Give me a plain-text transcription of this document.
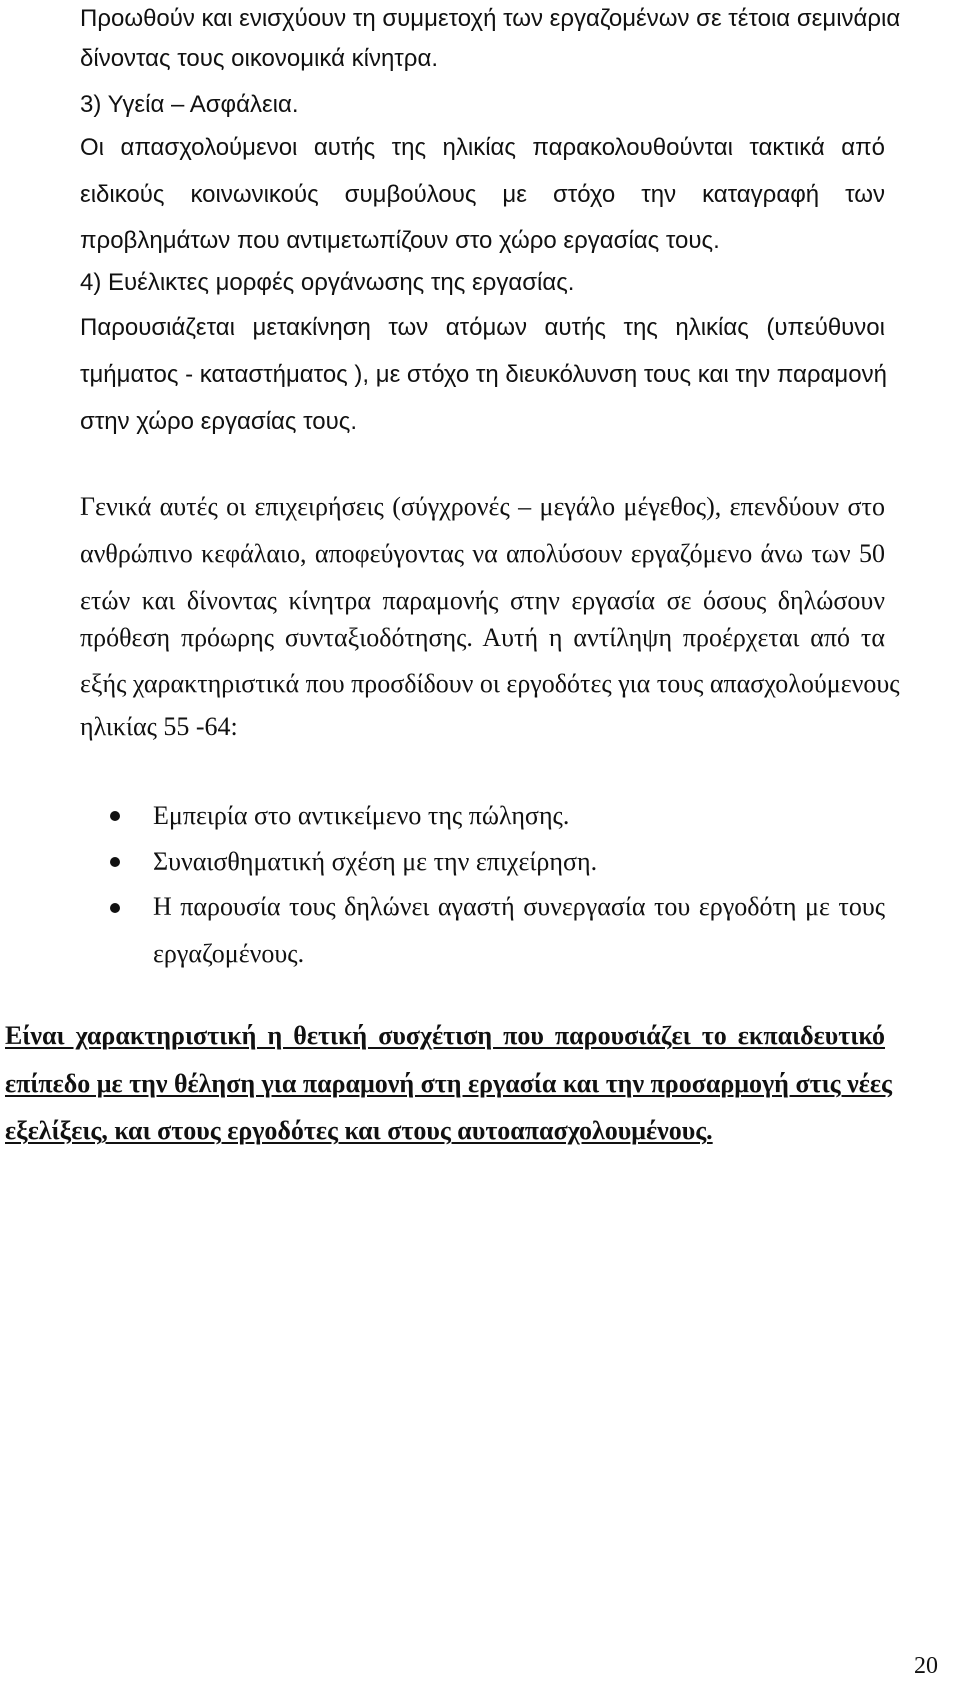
Προωθούν και ενισχύουν τη συμμετοχή των εργαζομένων σε τέτοια σεμινάρια

δίνοντας τους οικονομικά κίνητρα.

3) Υγεία – Ασφάλεια.

Οι απασχολούμενοι αυτής της ηλικίας παρακολουθούνται τακτικά από

ειδικούς κοινωνικούς συμβούλους με στόχο την καταγραφή των

προβλημάτων που αντιμετωπίζουν στο χώρο εργασίας τους.

4) Ευέλικτες μορφές οργάνωσης της εργασίας.

Παρουσιάζεται μετακίνηση των ατόμων αυτής της ηλικίας (υπεύθυνοι

τμήματος - καταστήματος ), με στόχο τη διευκόλυνση τους και την παραμονή

στην χώρο εργασίας τους.

Γενικά αυτές οι επιχειρήσεις (σύγχρονές – μεγάλο μέγεθος), επενδύουν στο

ανθρώπινο κεφάλαιο, αποφεύγοντας να απολύσουν εργαζόμενο άνω των 50

ετών και δίνοντας κίνητρα παραμονής στην εργασία σε όσους δηλώσουν

πρόθεση πρόωρης συνταξιοδότησης. Αυτή η αντίληψη προέρχεται από τα

εξής χαρακτηριστικά που προσδίδουν οι εργοδότες για τους απασχολούμενους

ηλικίας 55 -64:

Εμπειρία στο αντικείμενο της πώλησης.

Συναισθηματική σχέση με την επιχείρηση.

Η παρουσία τους δηλώνει αγαστή συνεργασία του εργοδότη με τους

εργαζομένους.

Είναι χαρακτηριστική η θετική συσχέτιση που παρουσιάζει το εκπαιδευτικό

επίπεδο με την θέληση για παραμονή στη εργασία και την προσαρμογή στις νέες

εξελίξεις, και στους εργοδότες και στους αυτοαπασχολουμένους.

20
